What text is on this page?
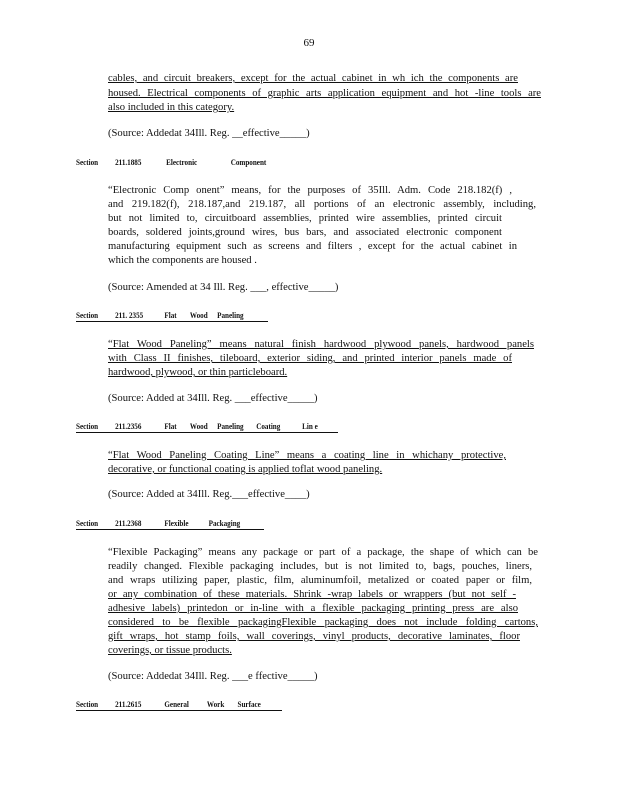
69
cables, and circuit breakers, except for the actual cabinet in wh ich the components are
housed. Electrical components of graphic arts application equipment and hot -line tools are
also included in this category.
(Source: Addedat 34Ill. Reg. __effective_____)
Section 211.1885	Electronic	Component
“Electronic Comp onent” means, for the purposes of 35Ill. Adm. Code 218.182(f) ,
and 219.182(f), 218.187,and 219.187, all portions of an electronic assembly, including,
but not limited to, circuitboard assemblies, printed wire assemblies, printed circuit
boards, soldered joints,ground wires, bus bars, and associated electronic component
manufacturing equipment such as screens and filters , except for the actual cabinet in
which the components are housed .
(Source: Amended at 34 Ill. Reg. ___, effective_____)
Section 211. 2355	Flat Wood Paneling
“Flat Wood Paneling” means natural finish hardwood plywood panels, hardwood panels
with Class II finishes, tileboard, exterior siding, and printed interior panels made of
hardwood, plywood, or thin particleboard.
(Source: Added at 34Ill. Reg. ___effective_____)
Section 211.2356	Flat Wood Paneling Coating	Lin e
“Flat Wood Paneling Coating Line” means a coating line in whichany protective,
decorative, or functional coating is applied toflat wood paneling.
(Source: Added at 34Ill. Reg.___effective____)
Section 211.2368	Flexible Packaging
“Flexible Packaging” means any package or part of a package, the shape of which can be
readily changed. Flexible packaging includes, but is not limited to, bags, pouches, liners,
and wraps utilizing paper, plastic, film, aluminumfoil, metalized or coated paper or film,
or any combination of these materials. Shrink -wrap labels or wrappers (but not self -
adhesive labels) printedon or in-line with a flexible packaging printing press are also
considered to be flexible packagingFlexible packaging does not include folding cartons,
gift wraps, hot stamp foils, wall coverings, vinyl products, decorative laminates, floor
coverings, or tissue products.
(Source: Addedat 34Ill. Reg. ___e ffective_____)
Section 211.2615	General Work Surface
